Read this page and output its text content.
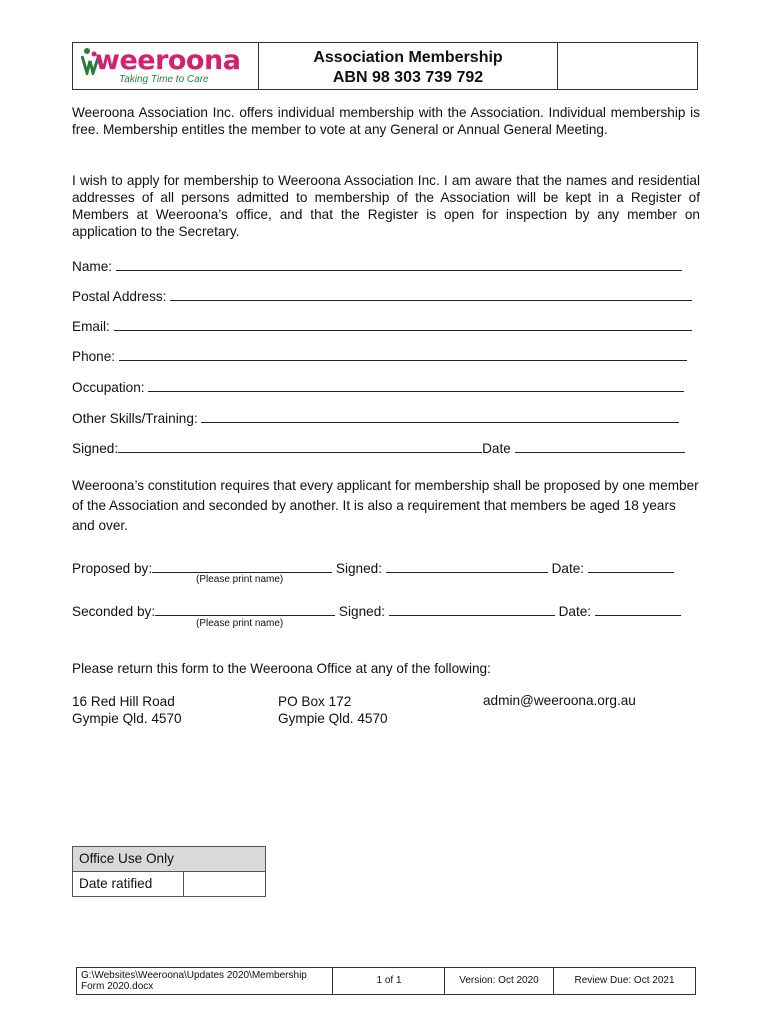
weeroona
Taking Time to Care
Association Membership
ABN 98 303 739 792

Weeroona Association Inc. offers individual membership with the Association. Individual membership is free. Membership entitles the member to vote at any General or Annual General Meeting.

I wish to apply for membership to Weeroona Association Inc. I am aware that the names and residential addresses of all persons admitted to membership of the Association will be kept in a Register of Members at Weeroona’s office, and that the Register is open for inspection by any member on application to the Secretary.

Name:
Postal Address:
Email:
Phone:
Occupation:
Other Skills/Training:
Signed:	Date

Weeroona’s constitution requires that every applicant for membership shall be proposed by one member of the Association and seconded by another. It is also a requirement that members be aged 18 years and over.

Proposed by:	Signed:	Date:
(Please print name)
Seconded by:	Signed:	Date:
(Please print name)
Please return this form to the Weeroona Office at any of the following:
16 Red Hill Road
Gympie Qld. 4570
PO Box 172
Gympie Qld. 4570
admin@weeroona.org.au
Office Use Only
Date ratified
G:\Websites\Weeroona\Updates 2020\Membership
Form 2020.docx
1 of 1	Version: Oct 2020	Review Due: Oct 2021
